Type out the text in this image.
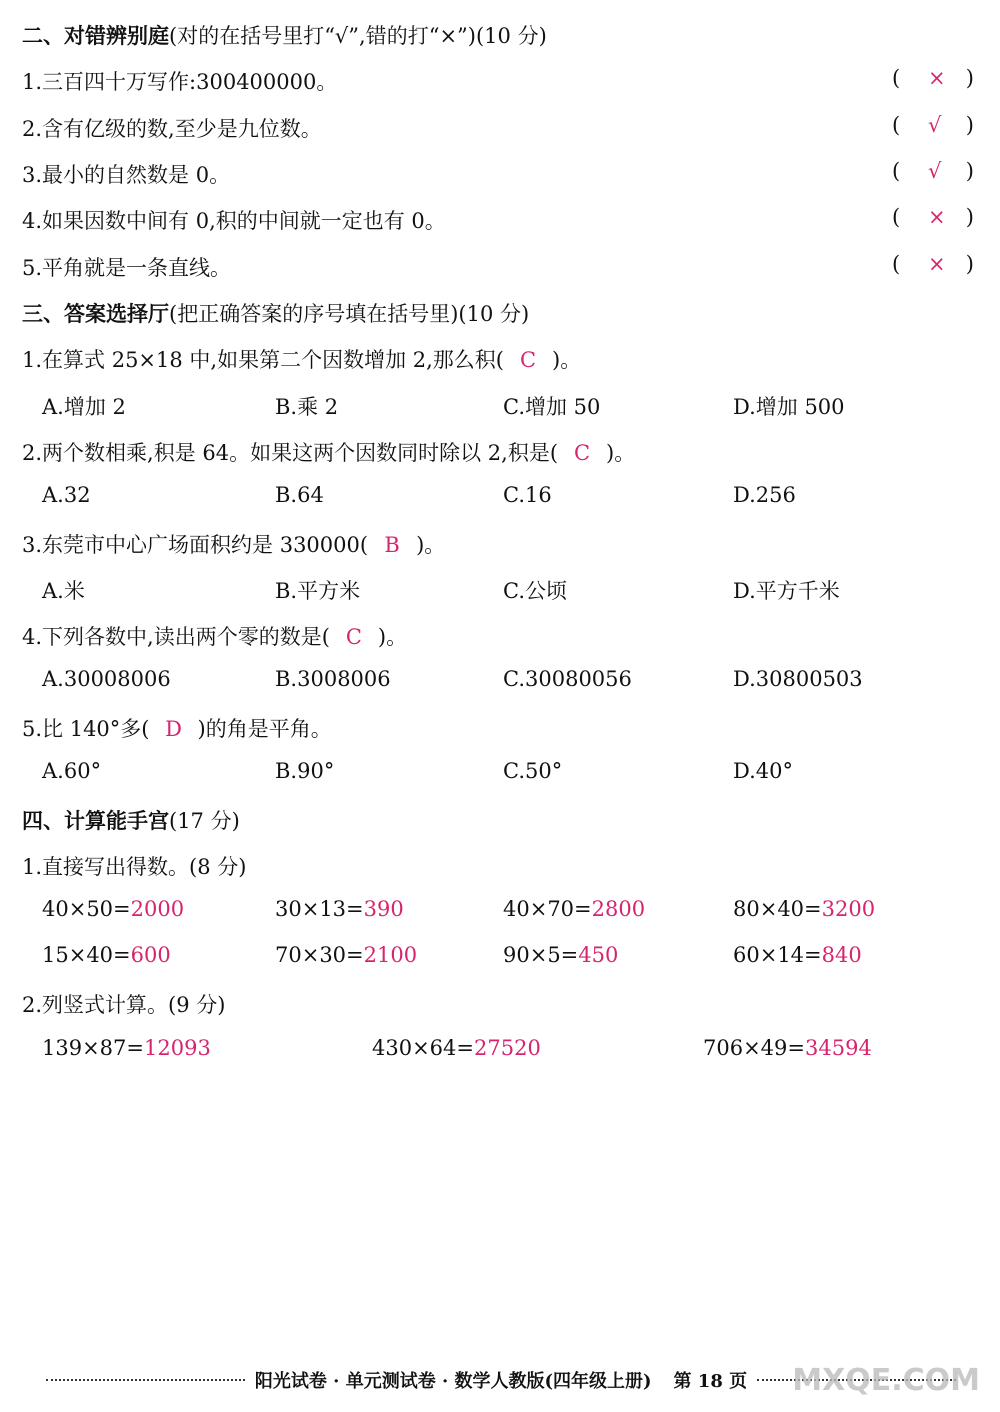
二、对错辨别庭(对的在括号里打“√”,错的打“×”)(10 分)
1.三百四十万写作:300400000。	( × )
2.含有亿级的数,至少是九位数。	( √ )
3.最小的自然数是 0。	( √ )
4.如果因数中间有 0,积的中间就一定也有 0。	( × )
5.平角就是一条直线。	( × )
三、答案选择厅(把正确答案的序号填在括号里)(10 分)
1.在算式 25×18 中,如果第二个因数增加 2,那么积( C )。
A.增加 2	B.乘 2	C.增加 50	D.增加 500
2.两个数相乘,积是 64。如果这两个因数同时除以 2,积是( C )。
A.32	B.64	C.16	D.256
3.东莞市中心广场面积约是 330000( B )。
A.米	B.平方米	C.公顷	D.平方千米
4.下列各数中,读出两个零的数是( C )。
A.30008006	B.3008006	C.30080056	D.30800503
5.比 140°多( D )的角是平角。
A.60°	B.90°	C.50°	D.40°
四、计算能手宫(17 分)
1.直接写出得数。(8 分)
40×50=2000	30×13=390	40×70=2800	80×40=3200
15×40=600	70×30=2100	90×5=450	60×14=840
2.列竖式计算。(9 分)
139×87=12093	430×64=27520	706×49=34594
阳光试卷 · 单元测试卷 · 数学人教版(四年级上册) 第 18 页 MXQE.COM
